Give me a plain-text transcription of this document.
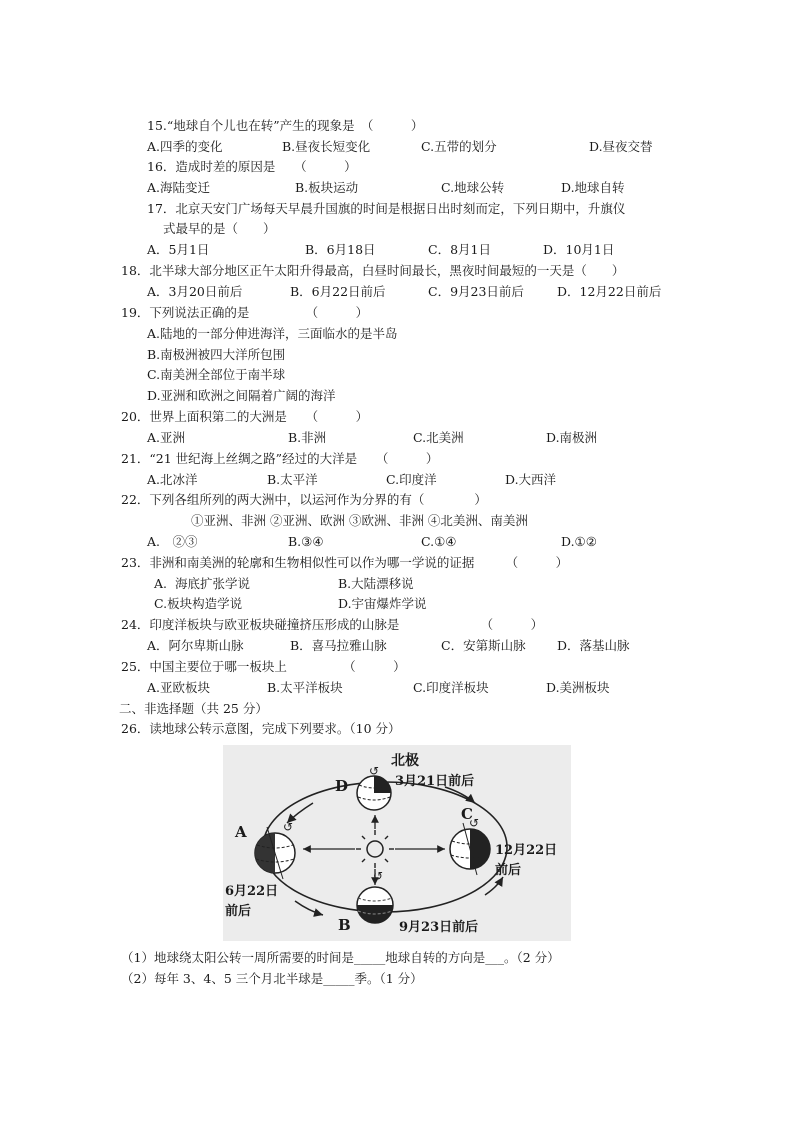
15.“地球自个儿也在转”产生的现象是　（　　　）
A.四季的变化	B.昼夜长短变化	C.五带的划分	D.昼夜交替
16．造成时差的原因是　　（　　　）
A.海陆变迁	B.板块运动	C.地球公转	D.地球自转
17．北京天安门广场每天早晨升国旗的时间是根据日出时刻而定，下列日期中，升旗仪
式最早的是（　　）
A．5月1日	B．6月18日	C．8月1日	D．10月1日
18．北半球大部分地区正午太阳升得最高，白昼时间最长，黑夜时间最短的一天是（　　）
A．3月20日前后	B．6月22日前后	C．9月23日前后	D．12月22日前后
19．下列说法正确的是　　　　　（　　　）
A.陆地的一部分伸进海洋，三面临水的是半岛
B.南极洲被四大洋所包围
C.南美洲全部位于南半球
D.亚洲和欧洲之间隔着广阔的海洋
20．世界上面积第二的大洲是　　（　　　）
A.亚洲	B.非洲	C.北美洲	D.南极洲
21．“21 世纪海上丝绸之路”经过的大洋是　　（　　　）
A.北冰洋	B.太平洋	C.印度洋	D.大西洋
22．下列各组所列的两大洲中，以运河作为分界的有（　　　　）
①亚洲、非洲 ②亚洲、欧洲 ③欧洲、非洲 ④北美洲、南美洲
A.　②③	B.③④	C.①④	D.①②
23．非洲和南美洲的轮廓和生物相似性可以作为哪一学说的证据　　　（　　　）
A.  海底扩张学说	B.大陆漂移说
C.板块构造学说	D.宇宙爆炸学说
24．印度洋板块与欧亚板块碰撞挤压形成的山脉是　　　　　　　（　　　）
A．阿尔卑斯山脉	B．喜马拉雅山脉	C．安第斯山脉	D．落基山脉
25．中国主要位于哪一板块上　　　　　（　　　）
A.亚欧板块	B.太平洋板块	C.印度洋板块	D.美洲板块
二、非选择题（共 25 分）
26．读地球公转示意图，完成下列要求。（10 分）
↺
↺
↺
↺
D
北极
3月21日前后
A
6月22日
前后
B	9月23日前后
C
12月22日
前后
（1）地球绕太阳公转一周所需要的时间是_____地球自转的方向是___。（2 分）
（2）每年 3、4、5 三个月北半球是_____季。（1 分）
